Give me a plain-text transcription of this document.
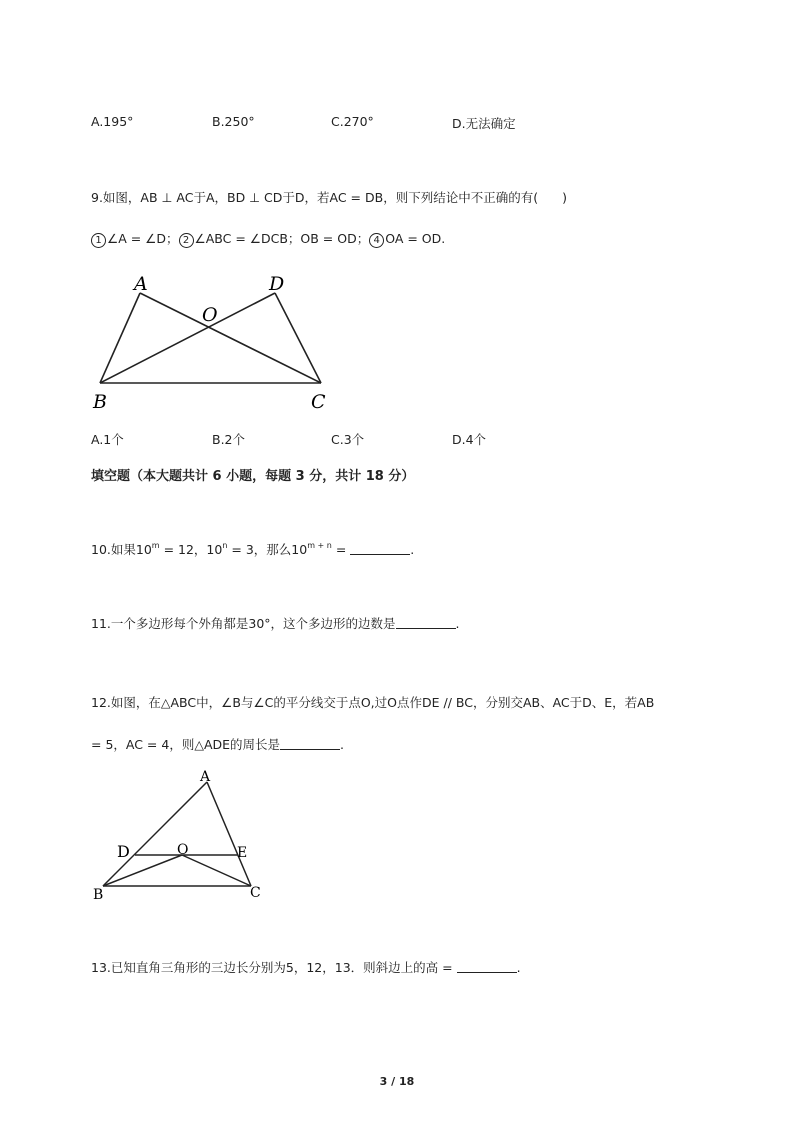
A.195°	B.250°	C.270°	D.无法确定
9.如图，AB ⊥ AC于A，BD ⊥ CD于D，若AC = DB，则下列结论中不正确的有( )
1 ∠A = ∠D； 2 ∠ABC = ∠DCB；OB = OD； 4 OA = OD.
A	D
O
B	C
A.1个	B.2个	C.3个	D.4个
填空题（本大题共计 6 小题，每题 3 分，共计 18 分）
10.如果$10^m = 12$，$10^n = 3$，那么$10^{m + n}$ =	.
11.一个多边形每个外角都是30°，这个多边形的边数是	.
12.如图，在△ABC中，∠B与∠C的平分线交于点O,过O点作DE // BC，分别交AB、AC于D、E，若AB
= 5，AC = 4，则△ADE的周长是	.
A
D	O	E
B	C
13.已知直角三角形的三边长分别为5，12，13．则斜边上的高 =	.
3 / 18
